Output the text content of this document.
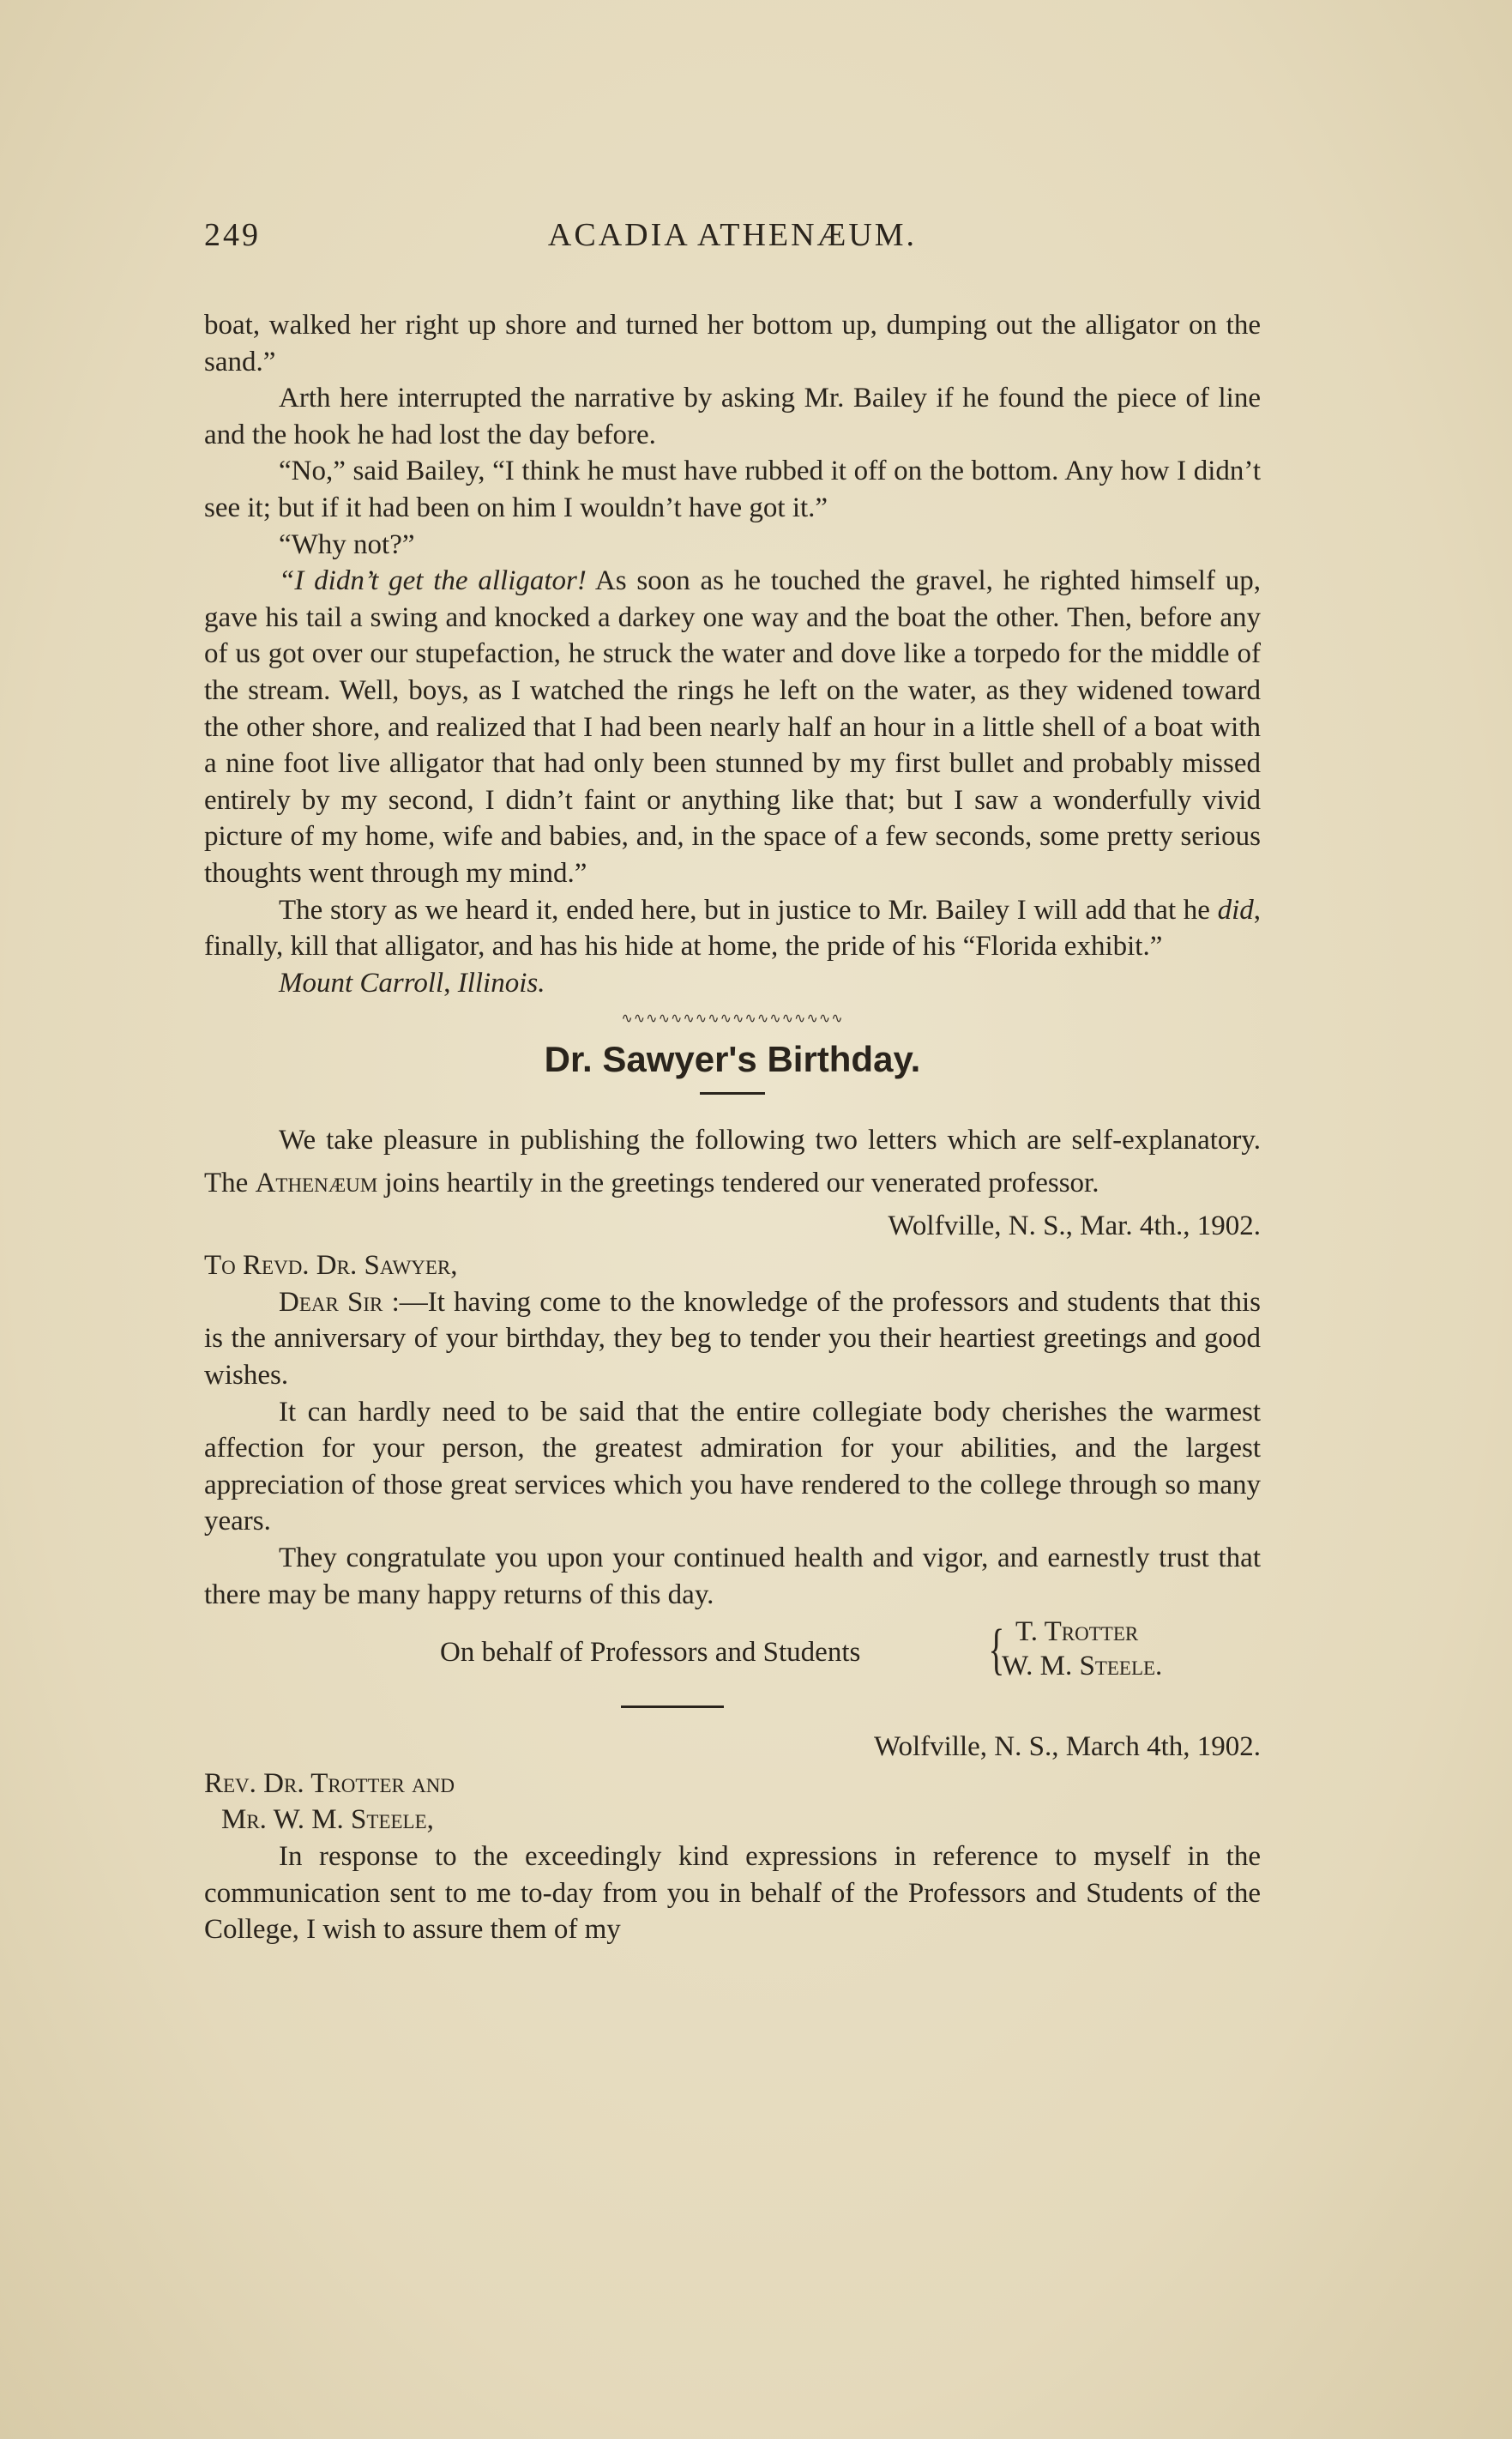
249	ACADIA ATHENÆUM.

boat, walked her right up shore and turned her bottom up, dumping out the alligator on the sand.”

Arth here interrupted the narrative by asking Mr. Bailey if he found the piece of line and the hook he had lost the day before.

“No,” said Bailey, “I think he must have rubbed it off on the bottom. Any how I didn’t see it; but if it had been on him I wouldn’t have got it.”

“Why not?”

“I didn’t get the alligator! As soon as he touched the gravel, he righted himself up, gave his tail a swing and knocked a darkey one way and the boat the other. Then, before any of us got over our stupefaction, he struck the water and dove like a torpedo for the middle of the stream. Well, boys, as I watched the rings he left on the water, as they widened toward the other shore, and realized that I had been nearly half an hour in a little shell of a boat with a nine foot live alligator that had only been stunned by my first bullet and probably missed entirely by my second, I didn’t faint or anything like that; but I saw a wonderfully vivid picture of my home, wife and babies, and, in the space of a few seconds, some pretty serious thoughts went through my mind.”

The story as we heard it, ended here, but in justice to Mr. Bailey I will add that he did, finally, kill that alligator, and has his hide at home, the pride of his “Florida exhibit.”

Mount Carroll, Illinois.

∿∿∿∿∿∿∿∿∿∿∿∿∿∿∿∿∿∿
Dr. Sawyer's Birthday.

We take pleasure in publishing the following two letters which are self-explanatory. The Athenæum joins heartily in the greetings tendered our venerated professor.

Wolfville, N. S., Mar. 4th., 1902.

To Revd. Dr. Sawyer,

Dear Sir :—It having come to the knowledge of the professors and students that this is the anniversary of your birthday, they beg to tender you their heartiest greetings and good wishes.

It can hardly need to be said that the entire collegiate body cherishes the warmest affection for your person, the greatest admiration for your abilities, and the largest appreciation of those great services which you have rendered to the college through so many years.

They congratulate you upon your continued health and vigor, and earnestly trust that there may be many happy returns of this day.

On behalf of Professors and Students { T. Trotter
W. M. Steele.

Wolfville, N. S., March 4th, 1902.

Rev. Dr. Trotter and

Mr. W. M. Steele,

In response to the exceedingly kind expressions in reference to myself in the communication sent to me to-day from you in behalf of the Professors and Students of the College, I wish to assure them of my
